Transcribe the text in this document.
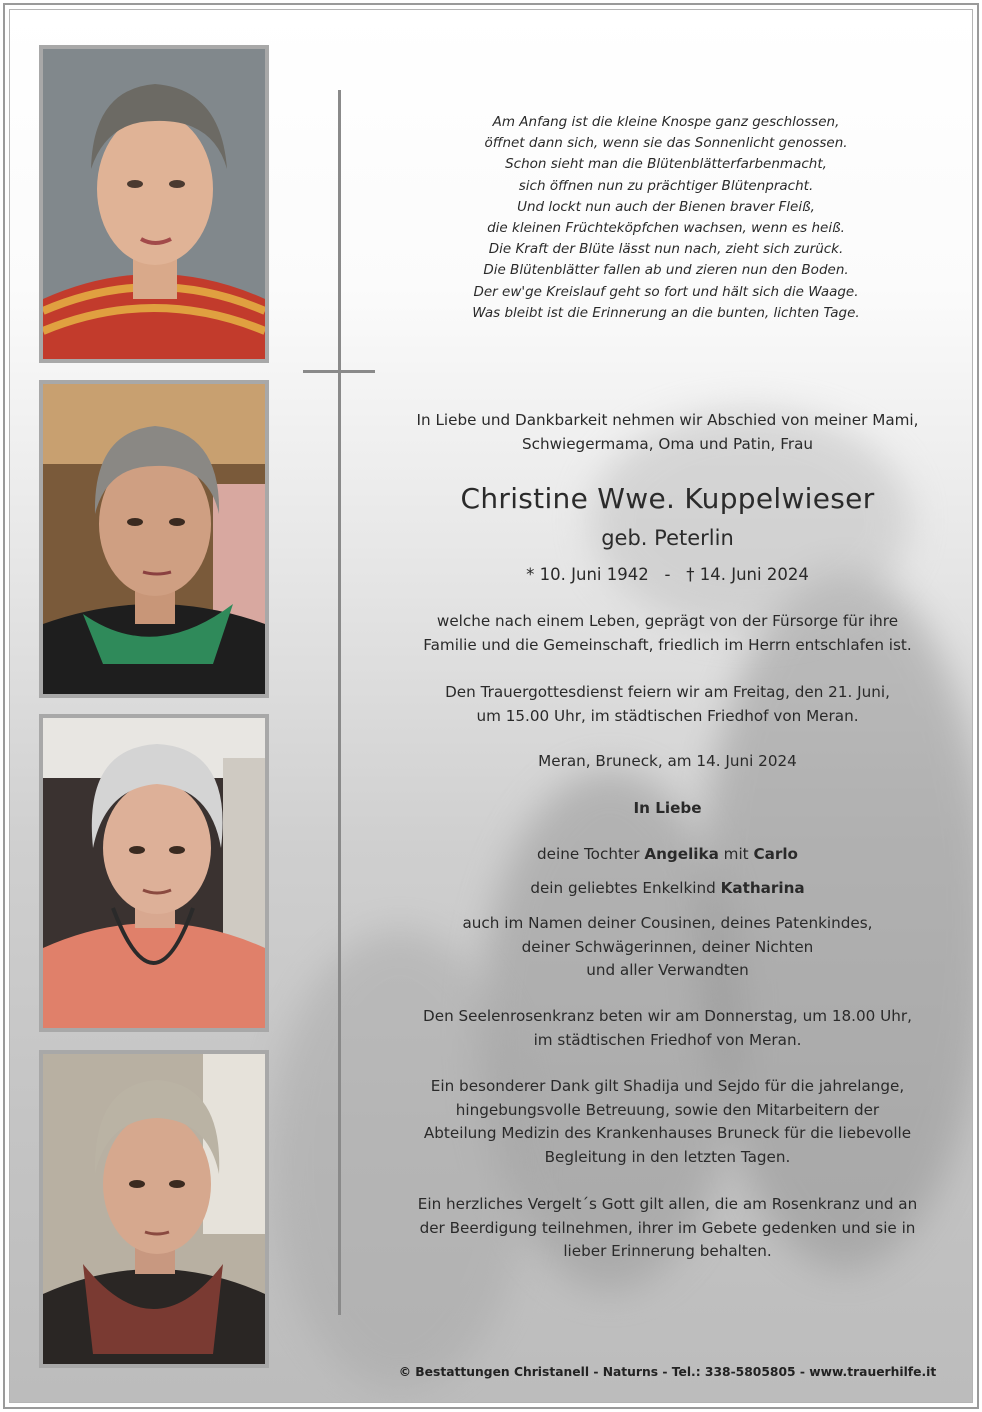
Am Anfang ist die kleine Knospe ganz geschlossen,
öffnet dann sich, wenn sie das Sonnenlicht genossen.
Schon sieht man die Blütenblätterfarbenmacht,
sich öffnen nun zu prächtiger Blütenpracht.
Und lockt nun auch der Bienen braver Fleiß,
die kleinen Früchteköpfchen wachsen, wenn es heiß.
Die Kraft der Blüte lässt nun nach, zieht sich zurück.
Die Blütenblätter fallen ab und zieren nun den Boden.
Der ew'ge Kreislauf geht so fort und hält sich die Waage.
Was bleibt ist die Erinnerung an die bunten, lichten Tage.
In Liebe und Dankbarkeit nehmen wir Abschied von meiner Mami,
Schwiegermama, Oma und Patin, Frau
Christine Wwe. Kuppelwieser
geb. Peterlin
* 10. Juni 1942 - † 14. Juni 2024
welche nach einem Leben, geprägt von der Fürsorge für ihre
Familie und die Gemeinschaft, friedlich im Herrn entschlafen ist.
Den Trauergottesdienst feiern wir am Freitag, den 21. Juni,
um 15.00 Uhr, im städtischen Friedhof von Meran.
Meran, Bruneck, am 14. Juni 2024
In Liebe
deine Tochter Angelika mit Carlo
dein geliebtes Enkelkind Katharina
auch im Namen deiner Cousinen, deines Patenkindes,
deiner Schwägerinnen, deiner Nichten
und aller Verwandten
Den Seelenrosenkranz beten wir am Donnerstag, um 18.00 Uhr,
im städtischen Friedhof von Meran.
Ein besonderer Dank gilt Shadija und Sejdo für die jahrelange,
hingebungsvolle Betreuung, sowie den Mitarbeitern der
Abteilung Medizin des Krankenhauses Bruneck für die liebevolle
Begleitung in den letzten Tagen.
Ein herzliches Vergelt´s Gott gilt allen, die am Rosenkranz und an
der Beerdigung teilnehmen, ihrer im Gebete gedenken und sie in
lieber Erinnerung behalten.
© Bestattungen Christanell - Naturns - Tel.: 338-5805805 - www.trauerhilfe.it
